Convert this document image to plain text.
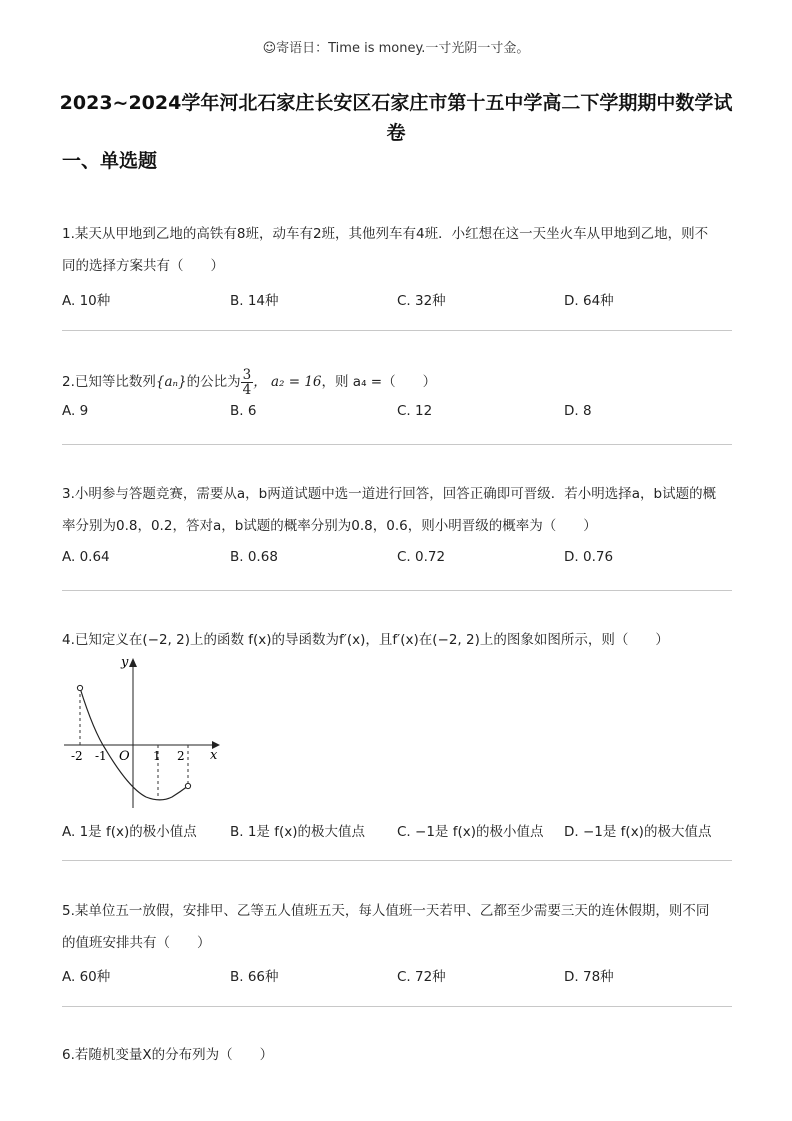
☺寄语日：Time is money.一寸光阴一寸金。
2023~2024学年河北石家庄长安区石家庄市第十五中学高二下学期期中数学试
卷
一、单选题
1.某天从甲地到乙地的高铁有8班，动车有2班，其他列车有4班．小红想在这一天坐火车从甲地到乙地，则不
同的选择方案共有（　　）
A. 10种	B. 14种	C. 32种	D. 64种
2.已知等比数列{aₙ}的公比为 $\frac{3}{4}$ ， a₂ = 16，则 a₄ =（　　）
A. 9	B. 6	C. 12	D. 8
3.小明参与答题竞赛，需要从a，b两道试题中选一道进行回答，回答正确即可晋级．若小明选择a，b试题的概
率分别为0.8，0.2，答对a，b试题的概率分别为0.8，0.6，则小明晋级的概率为（　　）
A. 0.64	B. 0.68	C. 0.72	D. 0.76
4.已知定义在(−2, 2)上的函数 f(x)的导函数为f′(x)，且f′(x)在(−2, 2)上的图象如图所示，则（　　）
y
x
O
-2 -1	1 2
A. 1是 f(x)的极小值点 B. 1是 f(x)的极大值点 C. −1是 f(x)的极小值点 D. −1是 f(x)的极大值点
5.某单位五一放假，安排甲、乙等五人值班五天，每人值班一天若甲、乙都至少需要三天的连休假期，则不同
的值班安排共有（　　）
A. 60种	B. 66种	C. 72种	D. 78种
6.若随机变量X的分布列为（　　）
